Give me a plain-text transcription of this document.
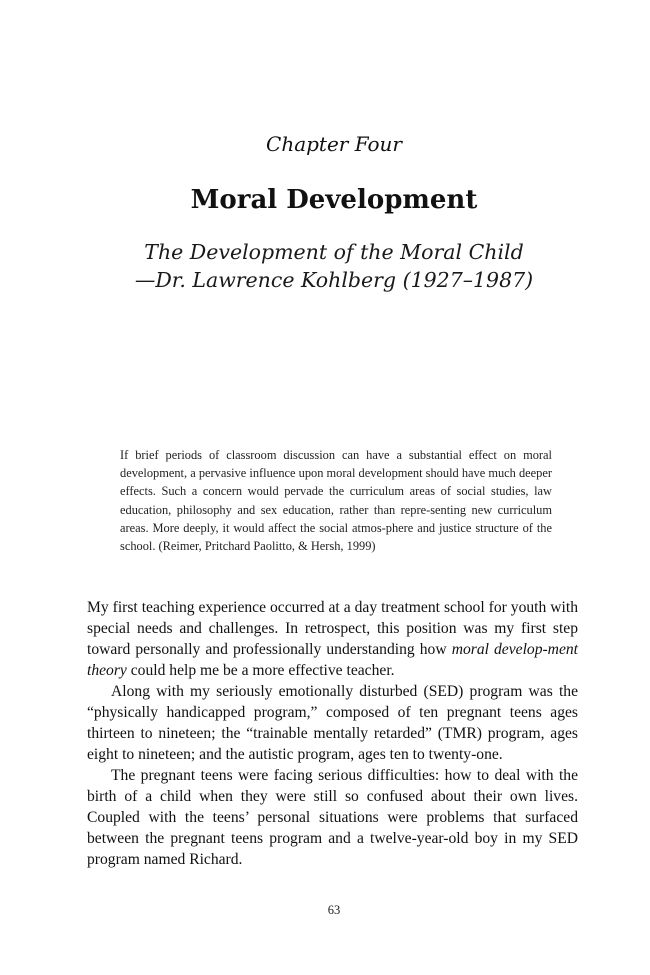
Chapter Four
Moral Development
The Development of the Moral Child
—Dr. Lawrence Kohlberg (1927–1987)
If brief periods of classroom discussion can have a substantial effect on moral development, a pervasive influence upon moral development should have much deeper effects. Such a concern would pervade the curriculum areas of social studies, law education, philosophy and sex education, rather than repre-senting new curriculum areas. More deeply, it would affect the social atmos-phere and justice structure of the school. (Reimer, Pritchard Paolitto, & Hersh, 1999)

My first teaching experience occurred at a day treatment school for youth with special needs and challenges. In retrospect, this position was my first step toward personally and professionally understanding how moral develop-ment theory could help me be a more effective teacher.

Along with my seriously emotionally disturbed (SED) program was the “physically handicapped program,” composed of ten pregnant teens ages thirteen to nineteen; the “trainable mentally retarded” (TMR) program, ages eight to nineteen; and the autistic program, ages ten to twenty-one.

The pregnant teens were facing serious difficulties: how to deal with the birth of a child when they were still so confused about their own lives. Coupled with the teens’ personal situations were problems that surfaced between the pregnant teens program and a twelve-year-old boy in my SED program named Richard.

63
